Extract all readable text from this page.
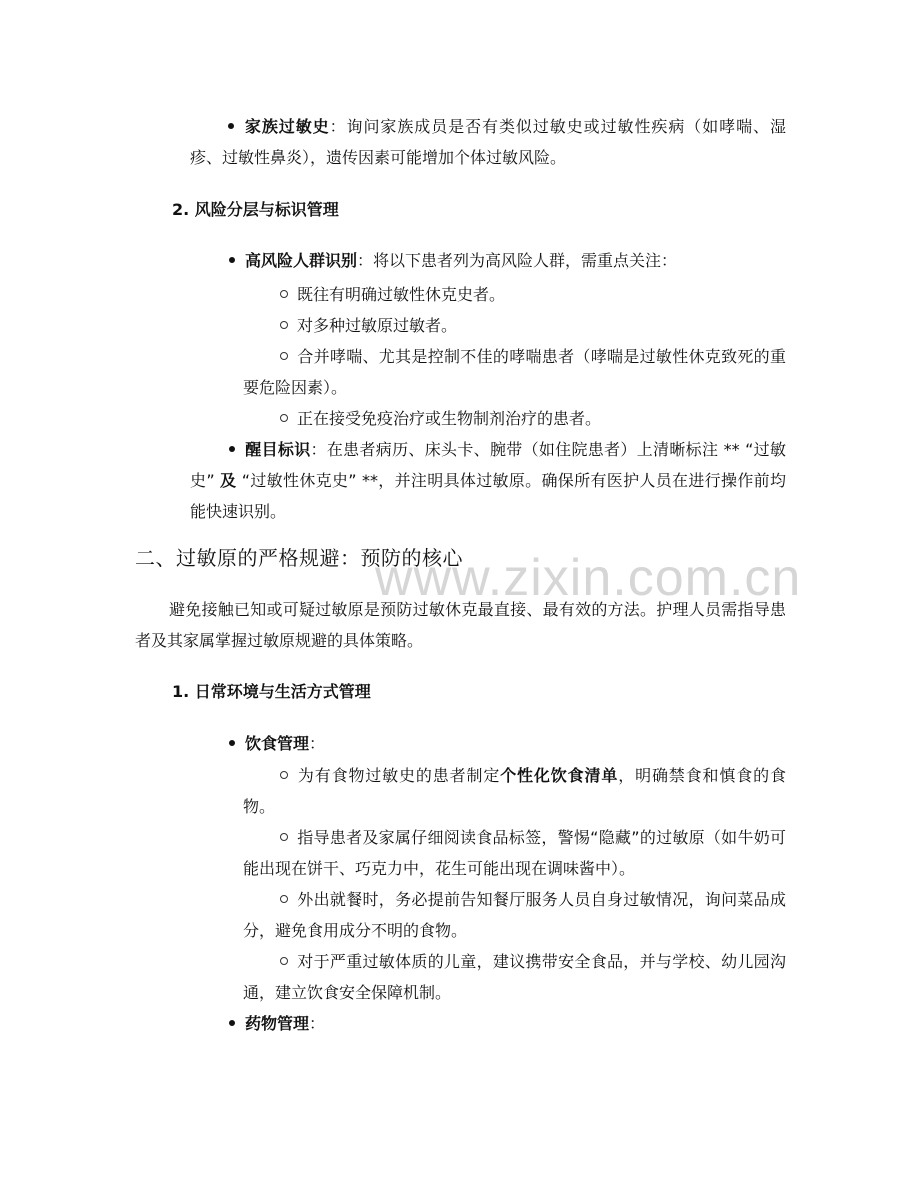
www.zixin.com.cn
家族过敏史：询问家族成员是否有类似过敏史或过敏性疾病（如哮喘、湿疹、过敏性鼻炎），遗传因素可能增加个体过敏风险。
2. 风险分层与标识管理
高风险人群识别：将以下患者列为高风险人群，需重点关注：
既往有明确过敏性休克史者。
对多种过敏原过敏者。
合并哮喘、尤其是控制不佳的哮喘患者（哮喘是过敏性休克致死的重要危险因素）。
正在接受免疫治疗或生物制剂治疗的患者。
醒目标识：在患者病历、床头卡、腕带（如住院患者）上清晰标注 ** “过敏史” 及 “过敏性休克史” **，并注明具体过敏原。确保所有医护人员在进行操作前均能快速识别。
二、过敏原的严格规避：预防的核心
避免接触已知或可疑过敏原是预防过敏休克最直接、最有效的方法。护理人员需指导患者及其家属掌握过敏原规避的具体策略。
1. 日常环境与生活方式管理
饮食管理：
为有食物过敏史的患者制定个性化饮食清单，明确禁食和慎食的食物。
指导患者及家属仔细阅读食品标签，警惕“隐藏”的过敏原（如牛奶可能出现在饼干、巧克力中，花生可能出现在调味酱中）。
外出就餐时，务必提前告知餐厅服务人员自身过敏情况，询问菜品成分，避免食用成分不明的食物。
对于严重过敏体质的儿童，建议携带安全食品，并与学校、幼儿园沟通，建立饮食安全保障机制。
药物管理：
